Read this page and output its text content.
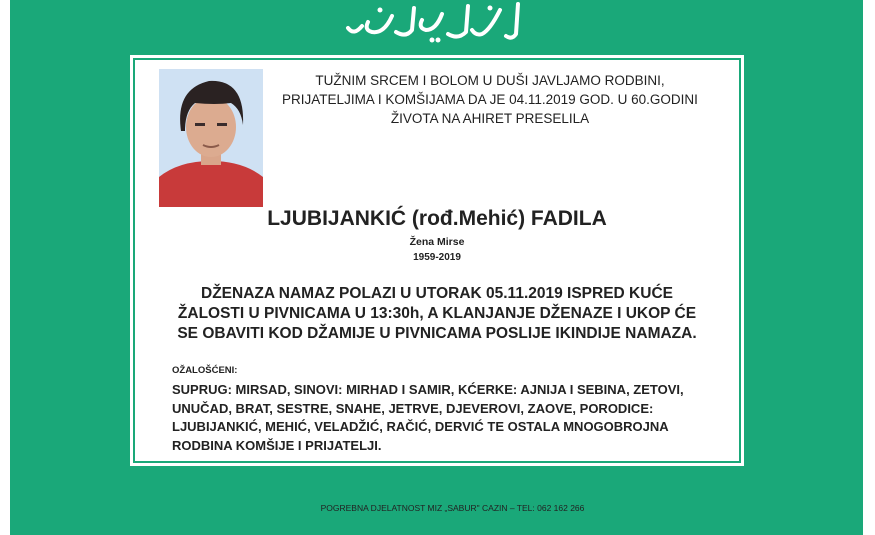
TUŽNIM SRCEM I BOLOM U DUŠI JAVLJAMO RODBINI, PRIJATELJIMA I KOMŠIJAMA DA JE 04.11.2019 GOD. U 60.GODINI ŽIVOTA NA AHIRET PRESELILA
LJUBIJANKIĆ (rođ.Mehić) FADILA
Žena Mirse
1959-2019
DŽENAZA NAMAZ POLAZI U UTORAK 05.11.2019 ISPRED KUĆE ŽALOSTI U PIVNICAMA U 13:30h, A KLANJANJE DŽENAZE I UKOP ĆE SE OBAVITI KOD DŽAMIJE U PIVNICAMA POSLIJE IKINDIJE NAMAZA.
OŽALOŠĆENI:
SUPRUG: MIRSAD, SINOVI: MIRHAD I SAMIR, KĆERKE: AJNIJA I SEBINA, ZETOVI, UNUČAD, BRAT, SESTRE, SNAHE, JETRVE, DJEVEROVI, ZAOVE, PORODICE: LJUBIJANKIĆ, MEHIĆ, VELADŽIĆ, RAČIĆ, DERVIĆ TE OSTALA MNOGOBROJNA RODBINA KOMŠIJE I PRIJATELJI.
POGREBNA DJELATNOST MIZ „SABUR" CAZIN – TEL: 062 162 266
